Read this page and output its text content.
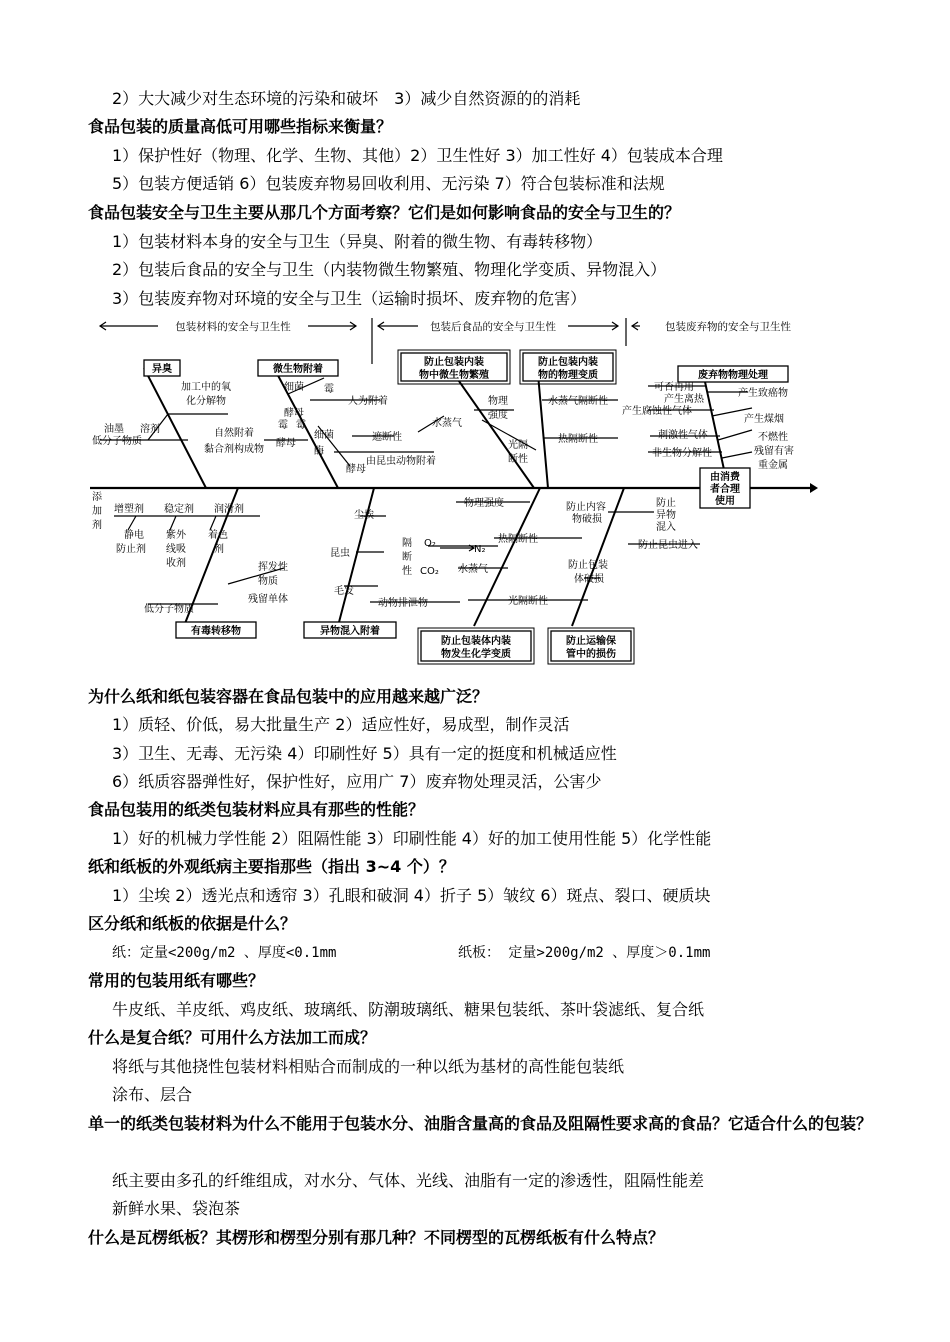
2）大大减少对生态环境的污染和破坏　3）减少自然资源的的消耗
食品包装的质量高低可用哪些指标来衡量？
1）保护性好（物理、化学、生物、其他）2）卫生性好 3）加工性好 4）包装成本合理
5）包装方便适销 6）包装废弃物易回收利用、无污染 7）符合包装标准和法规
食品包装安全与卫生主要从那几个方面考察？它们是如何影响食品的安全与卫生的？
1）包装材料本身的安全与卫生（异臭、附着的微生物、有毒转移物）
2）包装后食品的安全与卫生（内装物微生物繁殖、物理化学变质、异物混入）
3）包装废弃物对环境的安全与卫生（运输时损坏、废弃物的危害）
包装材料的安全与卫生性	包装后食品的安全与卫生性	包装废弃物的安全与卫生性
异臭	微生物附着
防止包装内装
物中微生物繁殖
防止包装内装
物的物理变质	废弃物物理处理
由消费
者合理
使用
有毒转移物	异物混入附着
防止包装体内装
物发生化学变质
防止运输保
管中的损伤
加工中的氧
化分解物
油墨
低分子物质
溶剂	自然附着
黏合剂构成物
细菌 霉
酵母
人为附着
霉 霉
酵母
细菌
酶
由昆虫动物附着
酵母
水蒸气
遮断性
物理
强度
光隔
断性
水蒸气隔断性
热隔断性
可否再用
产生离热
产生致癌物
产生腐蚀性气体
产生煤烟
刺激性气体	不燃性
非生物分解性	残留有害
重金属
添
加
剂
增塑剂 稳定剂 润滑剂
静电
防止剂
紫外
线吸
收剂
着色
剂
挥发性
物质
残留单体
低分子物质
尘埃
昆虫
毛发
隔
断
性
O₂
CO₂
N₂
水蒸气
动物排泄物
物理强度
热隔断性
光隔断性
防止内容
物破损
防止包装
体破损
防止
异物
混入
防止昆虫进入
为什么纸和纸包装容器在食品包装中的应用越来越广泛？
1）质轻、价低，易大批量生产 2）适应性好，易成型，制作灵活
3）卫生、无毒、无污染 4）印刷性好 5）具有一定的挺度和机械适应性
6）纸质容器弹性好，保护性好，应用广 7）废弃物处理灵活，公害少
食品包装用的纸类包装材料应具有那些的性能？
1）好的机械力学性能 2）阻隔性能 3）印刷性能 4）好的加工使用性能 5）化学性能
纸和纸板的外观纸病主要指那些（指出 3~4 个）？
1）尘埃 2）透光点和透帘 3）孔眼和破洞 4）折子 5）皱纹 6）斑点、裂口、硬质块
区分纸和纸板的依据是什么？
纸：定量<200g/m2 、厚度<0.1mm	纸板： 定量>200g/m2 、厚度＞0.1mm
常用的包装用纸有哪些？
牛皮纸、羊皮纸、鸡皮纸、玻璃纸、防潮玻璃纸、糖果包装纸、茶叶袋滤纸、复合纸
什么是复合纸？可用什么方法加工而成？
将纸与其他挠性包装材料相贴合而制成的一种以纸为基材的高性能包装纸
涂布、层合
单一的纸类包装材料为什么不能用于包装水分、油脂含量高的食品及阻隔性要求高的食品？它适合什么的包装？
纸主要由多孔的纤维组成，对水分、气体、光线、油脂有一定的渗透性，阻隔性能差
新鲜水果、袋泡茶
什么是瓦楞纸板？其楞形和楞型分别有那几种？不同楞型的瓦楞纸板有什么特点？
